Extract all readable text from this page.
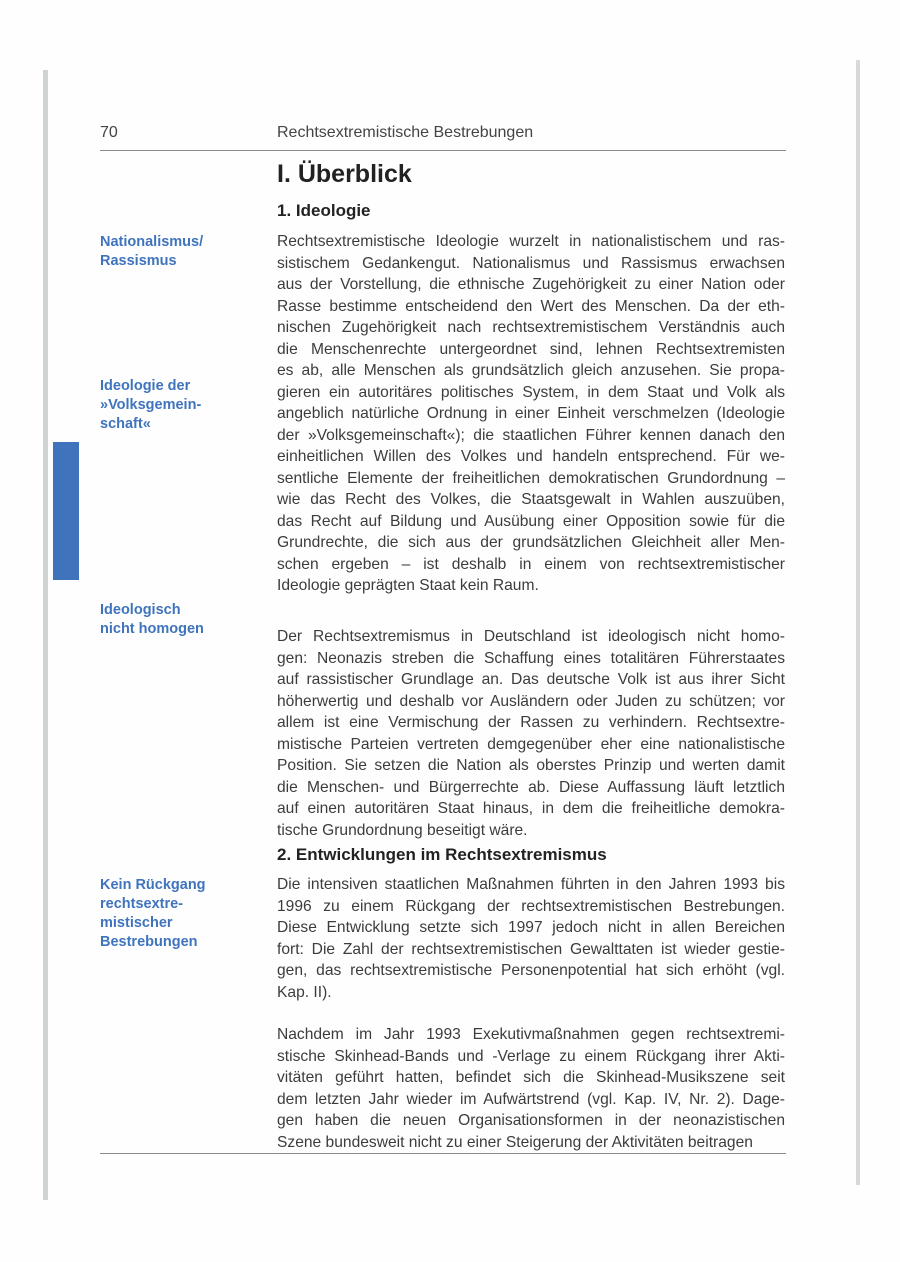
70	Rechtsextremistische Bestrebungen
I. Überblick
1. Ideologie
2. Entwicklungen im Rechtsextremismus
Nationalismus/
Rassismus
Ideologie der
»Volksgemein-
schaft«
Ideologisch
nicht homogen
Kein Rückgang
rechtsextre-
mistischer
Bestrebungen
Rechtsextremistische Ideologie wurzelt in nationalistischem und ras-
sistischem Gedankengut. Nationalismus und Rassismus erwachsen
aus der Vorstellung, die ethnische Zugehörigkeit zu einer Nation oder
Rasse bestimme entscheidend den Wert des Menschen. Da der eth-
nischen Zugehörigkeit nach rechtsextremistischem Verständnis auch
die Menschenrechte untergeordnet sind, lehnen Rechtsextremisten
es ab, alle Menschen als grundsätzlich gleich anzusehen. Sie propa-
gieren ein autoritäres politisches System, in dem Staat und Volk als
angeblich natürliche Ordnung in einer Einheit verschmelzen (Ideologie
der »Volksgemeinschaft«); die staatlichen Führer kennen danach den
einheitlichen Willen des Volkes und handeln entsprechend. Für we-
sentliche Elemente der freiheitlichen demokratischen Grundordnung –
wie das Recht des Volkes, die Staatsgewalt in Wahlen auszuüben,
das Recht auf Bildung und Ausübung einer Opposition sowie für die
Grundrechte, die sich aus der grundsätzlichen Gleichheit aller Men-
schen ergeben – ist deshalb in einem von rechtsextremistischer
Ideologie geprägten Staat kein Raum.
Der Rechtsextremismus in Deutschland ist ideologisch nicht homo-
gen: Neonazis streben die Schaffung eines totalitären Führerstaates
auf rassistischer Grundlage an. Das deutsche Volk ist aus ihrer Sicht
höherwertig und deshalb vor Ausländern oder Juden zu schützen; vor
allem ist eine Vermischung der Rassen zu verhindern. Rechtsextre-
mistische Parteien vertreten demgegenüber eher eine nationalistische
Position. Sie setzen die Nation als oberstes Prinzip und werten damit
die Menschen- und Bürgerrechte ab. Diese Auffassung läuft letztlich
auf einen autoritären Staat hinaus, in dem die freiheitliche demokra-
tische Grundordnung beseitigt wäre.
Die intensiven staatlichen Maßnahmen führten in den Jahren 1993 bis
1996 zu einem Rückgang der rechtsextremistischen Bestrebungen.
Diese Entwicklung setzte sich 1997 jedoch nicht in allen Bereichen
fort: Die Zahl der rechtsextremistischen Gewalttaten ist wieder gestie-
gen, das rechtsextremistische Personenpotential hat sich erhöht (vgl.
Kap. II).
Nachdem im Jahr 1993 Exekutivmaßnahmen gegen rechtsextremi-
stische Skinhead-Bands und -Verlage zu einem Rückgang ihrer Akti-
vitäten geführt hatten, befindet sich die Skinhead-Musikszene seit
dem letzten Jahr wieder im Aufwärtstrend (vgl. Kap. IV, Nr. 2). Dage-
gen haben die neuen Organisationsformen in der neonazistischen
Szene bundesweit nicht zu einer Steigerung der Aktivitäten beitragen
